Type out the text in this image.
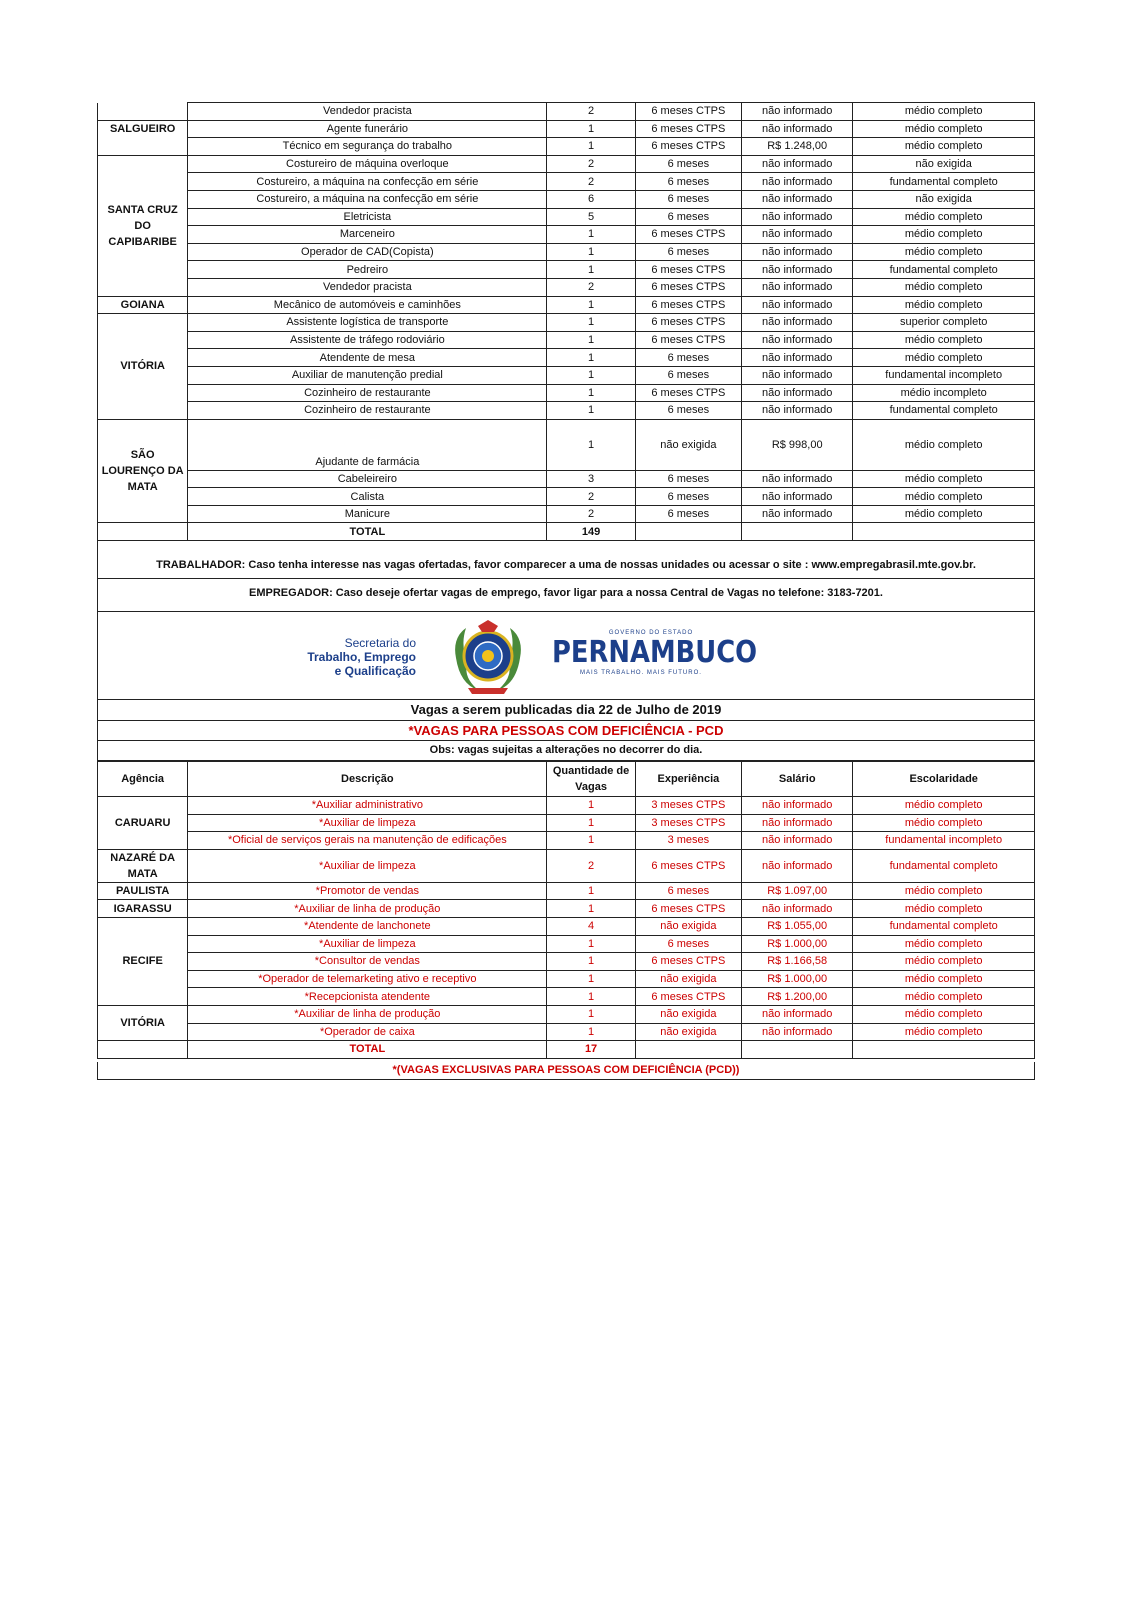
	Vendedor pracista	2	6 meses CTPS	não informado	médio completo
SALGUEIRO	Agente funerário	1	6 meses CTPS	não informado	médio completo
	Técnico em segurança do trabalho	1	6 meses CTPS	R$ 1.248,00	médio completo
SANTA CRUZ DO CAPIBARIBE	Costureiro de máquina overloque	2	6 meses	não informado	não exigida
	Costureiro, a máquina na confecção em série	2	6 meses	não informado	fundamental completo
	Costureiro, a máquina na confecção em série	6	6 meses	não informado	não exigida
	Eletricista	5	6 meses	não informado	médio completo
	Marceneiro	1	6 meses CTPS	não informado	médio completo
	Operador de CAD(Copista)	1	6 meses	não informado	médio completo
	Pedreiro	1	6 meses CTPS	não informado	fundamental completo
	Vendedor pracista	2	6 meses CTPS	não informado	médio completo
GOIANA	Mecânico de automóveis e caminhões	1	6 meses CTPS	não informado	médio completo
VITÓRIA	Assistente logística de transporte	1	6 meses CTPS	não informado	superior completo
	Assistente de tráfego rodoviário	1	6 meses CTPS	não informado	médio completo
	Atendente de mesa	1	6 meses	não informado	médio completo
	Auxiliar de manutenção predial	1	6 meses	não informado	fundamental incompleto
	Cozinheiro de restaurante	1	6 meses CTPS	não informado	médio incompleto
	Cozinheiro de restaurante	1	6 meses	não informado	fundamental completo
SÃO LOURENÇO DA MATA	Ajudante de farmácia	1	não exigida	R$ 998,00	médio completo
	Cabeleireiro	3	6 meses	não informado	médio completo
	Calista	2	6 meses	não informado	médio completo
	Manicure	2	6 meses	não informado	médio completo
	TOTAL	149			
TRABALHADOR: Caso tenha interesse nas vagas ofertadas, favor comparecer a uma de nossas unidades ou acessar o site : www.empregabrasil.mte.gov.br.
EMPREGADOR: Caso deseje ofertar vagas de emprego, favor ligar para a nossa Central de Vagas no telefone: 3183-7201.
Secretaria do
Trabalho, Emprego
e Qualificação
GOVERNO DO ESTADO
PERNAMBUCO
MAIS TRABALHO. MAIS FUTURO.
Vagas a serem publicadas dia 22 de Julho de 2019
*VAGAS PARA PESSOAS COM DEFICIÊNCIA - PCD
Obs: vagas sujeitas a alterações no decorrer do dia.
Agência	Descrição	Quantidade de Vagas	Experiência	Salário	Escolaridade
CARUARU	*Auxiliar administrativo	1	3 meses CTPS	não informado	médio completo
	*Auxiliar de limpeza	1	3 meses CTPS	não informado	médio completo
	*Oficial de serviços gerais na manutenção de edificações	1	3 meses	não informado	fundamental incompleto
NAZARÉ DA MATA	*Auxiliar de limpeza	2	6 meses CTPS	não informado	fundamental completo
PAULISTA	*Promotor de vendas	1	6 meses	R$ 1.097,00	médio completo
IGARASSU	*Auxiliar de linha de produção	1	6 meses CTPS	não informado	médio completo
RECIFE	*Atendente de lanchonete	4	não exigida	R$ 1.055,00	fundamental completo
	*Auxiliar de limpeza	1	6 meses	R$ 1.000,00	médio completo
	*Consultor de vendas	1	6 meses CTPS	R$ 1.166,58	médio completo
	*Operador de telemarketing ativo e receptivo	1	não exigida	R$ 1.000,00	médio completo
	*Recepcionista atendente	1	6 meses CTPS	R$ 1.200,00	médio completo
VITÓRIA	*Auxiliar de linha de produção	1	não exigida	não informado	médio completo
	*Operador de caixa	1	não exigida	não informado	médio completo
	TOTAL	17			
*(VAGAS EXCLUSIVAS PARA PESSOAS COM DEFICIÊNCIA (PCD))
